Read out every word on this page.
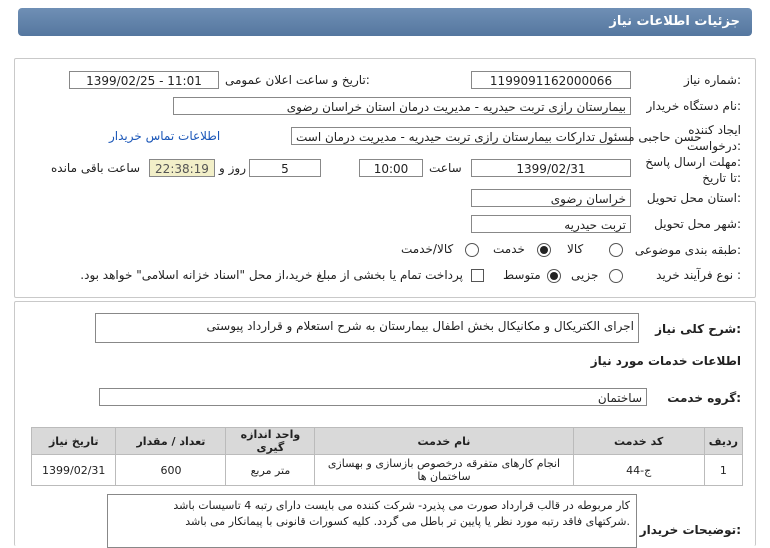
جزئیات اطلاعات نیاز
شماره نیاز:
1199091162000066
تاریخ و ساعت اعلان عمومی:
1399/02/25 - 11:01
نام دستگاه خریدار:
بیمارستان رازی تربت حیدریه - مدیریت درمان استان خراسان رضوی
ایجاد کننده
درخواست:
حسن حاجبی مسئول تدارکات بیمارستان رازی تربت حیدریه - مدیریت درمان است
اطلاعات تماس خریدار
مهلت ارسال پاسخ:
تا تاریخ:
1399/02/31
ساعت
10:00
5
روز و
22:38:19
ساعت باقی مانده
استان محل تحویل:
خراسان رضوی
شهر محل تحویل:
تربت حیدریه
طبقه بندی موضوعی:
کالا
خدمت
کالا/خدمت
نوع فرآیند خرید :
جزیی
متوسط
پرداخت تمام یا بخشی از مبلغ خرید،از محل "اسناد خزانه اسلامی" خواهد بود.
شرح کلی نیاز:
اجرای الکتریکال و مکانیکال بخش اطفال بیمارستان به شرح استعلام و قرارداد پیوستی
اطلاعات خدمات مورد نیاز
گروه خدمت:
ساختمان
تاریخ نیاز	تعداد / مقدار	واحد اندازه گیری	نام خدمت	کد خدمت	ردیف
1399/02/31	600	متر مربع	انجام کارهای متفرقه درخصوص بازسازی و بهسازی ساختمان ها	ج-44	1
توضیحات خریدار:
کار مربوطه در قالب قرارداد صورت می پذیرد- شرکت کننده می بایست دارای رتبه 4 تاسیسات باشد
.شرکتهای فاقد رتبه مورد نظر یا پایین تر باطل می گردد. کلیه کسورات قانونی با پیمانکار می باشد
